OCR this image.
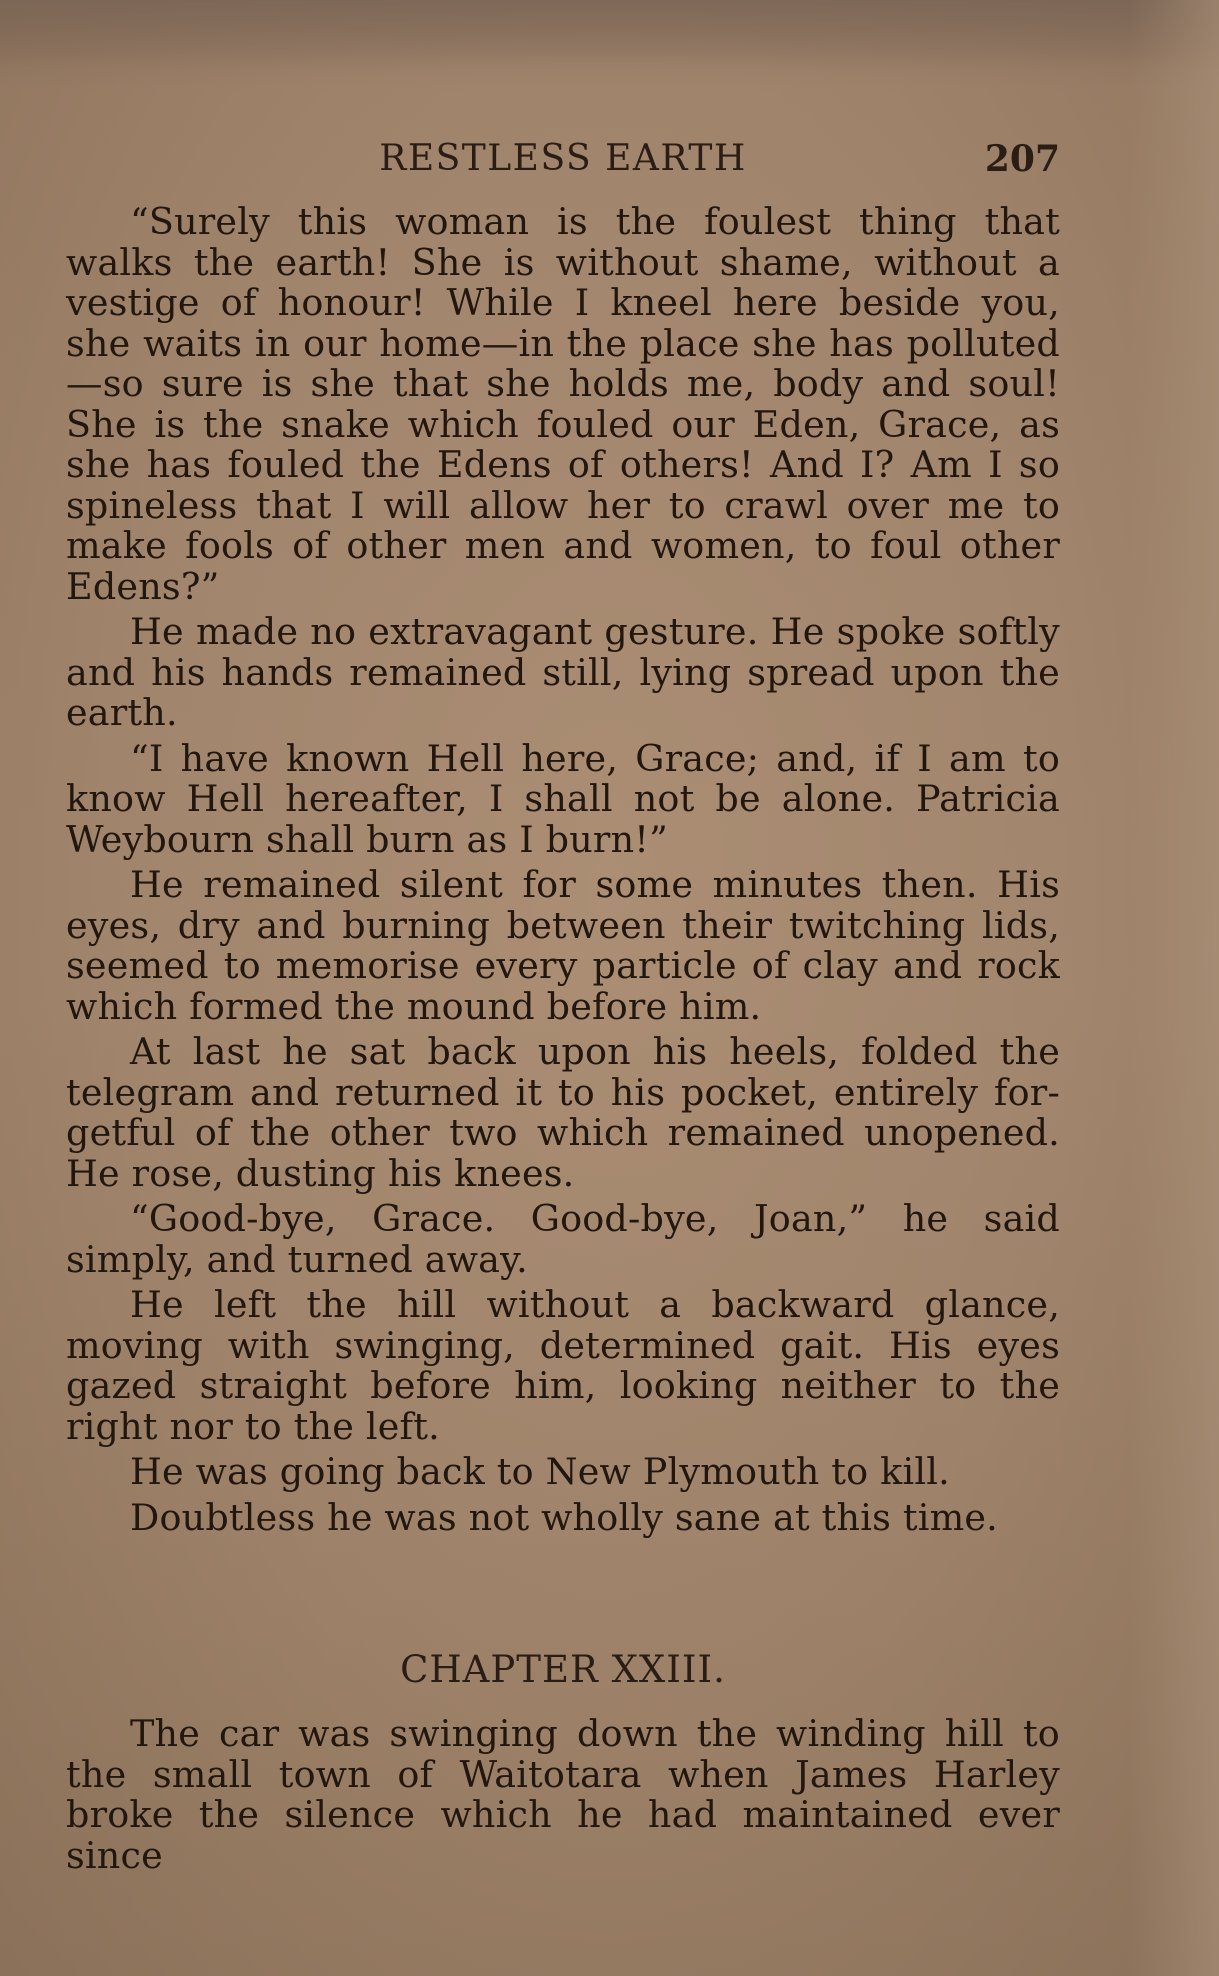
RESTLESS EARTH	207

“Surely this woman is the foulest thing that walks the earth! She is without shame, without a vestige of honour! While I kneel here beside you, she waits in our home—in the place she has polluted—so sure is she that she holds me, body and soul! She is the snake which fouled our Eden, Grace, as she has fouled the Edens of others! And I? Am I so spineless that I will allow her to crawl over me to make fools of other men and women, to foul other Edens?”

He made no extravagant gesture. He spoke softly and his hands remained still, lying spread upon the earth.

“I have known Hell here, Grace; and, if I am to know Hell hereafter, I shall not be alone. Patricia Weybourn shall burn as I burn!”

He remained silent for some minutes then. His eyes, dry and burning between their twitching lids, seemed to memorise every particle of clay and rock which formed the mound before him.

At last he sat back upon his heels, folded the telegram and returned it to his pocket, entirely for-getful of the other two which remained unopened. He rose, dusting his knees.

“Good-bye, Grace. Good-bye, Joan,” he said simply, and turned away.

He left the hill without a backward glance, moving with swinging, determined gait. His eyes gazed straight before him, looking neither to the right nor to the left.

He was going back to New Plymouth to kill.

Doubtless he was not wholly sane at this time.

CHAPTER XXIII.

The car was swinging down the winding hill to the small town of Waitotara when James Harley broke the silence which he had maintained ever since
